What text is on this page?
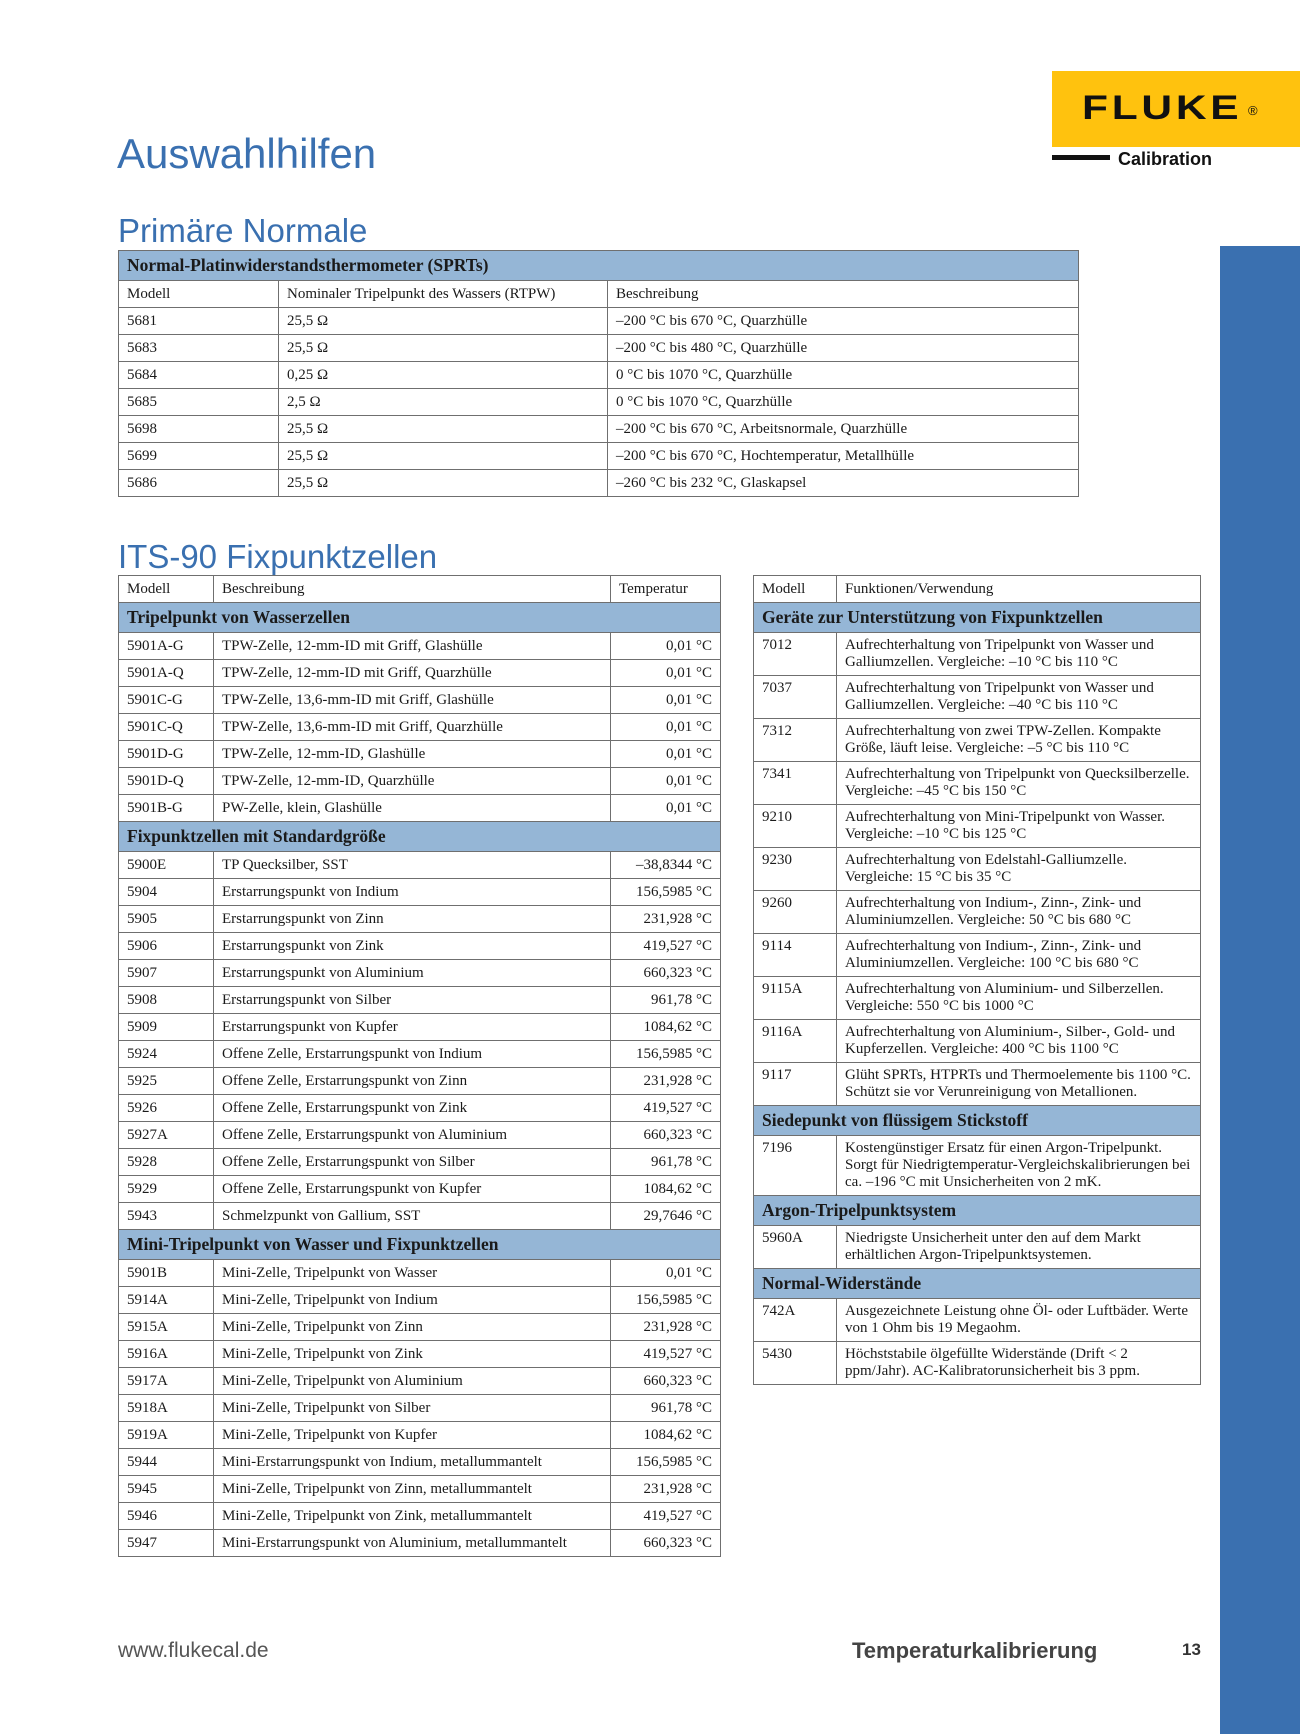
FLUKE ®
Calibration
Auswahlhilfen
Primäre Normale
Normal-Platinwiderstandsthermometer (SPRTs)		
Modell	Nominaler Tripelpunkt des Wassers (RTPW)	Beschreibung
5681	25,5 Ω	–200 °C bis 670 °C, Quarzhülle
5683	25,5 Ω	–200 °C bis 480 °C, Quarzhülle
5684	0,25 Ω	0 °C bis 1070 °C, Quarzhülle
5685	2,5 Ω	0 °C bis 1070 °C, Quarzhülle
5698	25,5 Ω	–200 °C bis 670 °C, Arbeitsnormale, Quarzhülle
5699	25,5 Ω	–200 °C bis 670 °C, Hochtemperatur, Metallhülle
5686	25,5 Ω	–260 °C bis 232 °C, Glaskapsel
ITS-90 Fixpunktzellen
Modell	Beschreibung	Temperatur
Tripelpunkt von Wasserzellen		
5901A-G	TPW-Zelle, 12-mm-ID mit Griff, Glashülle	0,01 °C
5901A-Q	TPW-Zelle, 12-mm-ID mit Griff, Quarzhülle	0,01 °C
5901C-G	TPW-Zelle, 13,6-mm-ID mit Griff, Glashülle	0,01 °C
5901C-Q	TPW-Zelle, 13,6-mm-ID mit Griff, Quarzhülle	0,01 °C
5901D-G	TPW-Zelle, 12-mm-ID, Glashülle	0,01 °C
5901D-Q	TPW-Zelle, 12-mm-ID, Quarzhülle	0,01 °C
5901B-G	PW-Zelle, klein, Glashülle	0,01 °C
Fixpunktzellen mit Standardgröße		
5900E	TP Quecksilber, SST	–38,8344 °C
5904	Erstarrungspunkt von Indium	156,5985 °C
5905	Erstarrungspunkt von Zinn	231,928 °C
5906	Erstarrungspunkt von Zink	419,527 °C
5907	Erstarrungspunkt von Aluminium	660,323 °C
5908	Erstarrungspunkt von Silber	961,78 °C
5909	Erstarrungspunkt von Kupfer	1084,62 °C
5924	Offene Zelle, Erstarrungspunkt von Indium	156,5985 °C
5925	Offene Zelle, Erstarrungspunkt von Zinn	231,928 °C
5926	Offene Zelle, Erstarrungspunkt von Zink	419,527 °C
5927A	Offene Zelle, Erstarrungspunkt von Aluminium	660,323 °C
5928	Offene Zelle, Erstarrungspunkt von Silber	961,78 °C
5929	Offene Zelle, Erstarrungspunkt von Kupfer	1084,62 °C
5943	Schmelzpunkt von Gallium, SST	29,7646 °C
Mini-Tripelpunkt von Wasser und Fixpunktzellen		
5901B	Mini-Zelle, Tripelpunkt von Wasser	0,01 °C
5914A	Mini-Zelle, Tripelpunkt von Indium	156,5985 °C
5915A	Mini-Zelle, Tripelpunkt von Zinn	231,928 °C
5916A	Mini-Zelle, Tripelpunkt von Zink	419,527 °C
5917A	Mini-Zelle, Tripelpunkt von Aluminium	660,323 °C
5918A	Mini-Zelle, Tripelpunkt von Silber	961,78 °C
5919A	Mini-Zelle, Tripelpunkt von Kupfer	1084,62 °C
5944	Mini-Erstarrungspunkt von Indium, metallummantelt	156,5985 °C
5945	Mini-Zelle, Tripelpunkt von Zinn, metallummantelt	231,928 °C
5946	Mini-Zelle, Tripelpunkt von Zink, metallummantelt	419,527 °C
5947	Mini-Erstarrungspunkt von Aluminium, metallummantelt	660,323 °C
Modell	Funktionen/Verwendung
Geräte zur Unterstützung von Fixpunktzellen	
7012	Aufrechterhaltung von Tripelpunkt von Wasser und Galliumzellen. Vergleiche: –10 °C bis 110 °C
7037	Aufrechterhaltung von Tripelpunkt von Wasser und Galliumzellen. Vergleiche: –40 °C bis 110 °C
7312	Aufrechterhaltung von zwei TPW-Zellen. Kompakte Größe, läuft leise. Vergleiche: –5 °C bis 110 °C
7341	Aufrechterhaltung von Tripelpunkt von Quecksilberzelle. Vergleiche: –45 °C bis 150 °C
9210	Aufrechterhaltung von Mini-Tripelpunkt von Wasser. Vergleiche: –10 °C bis 125 °C
9230	Aufrechterhaltung von Edelstahl-Galliumzelle. Vergleiche: 15 °C bis 35 °C
9260	Aufrechterhaltung von Indium-, Zinn-, Zink- und Aluminiumzellen. Vergleiche: 50 °C bis 680 °C
9114	Aufrechterhaltung von Indium-, Zinn-, Zink- und Aluminiumzellen. Vergleiche: 100 °C bis 680 °C
9115A	Aufrechterhaltung von Aluminium- und Silberzellen. Vergleiche: 550 °C bis 1000 °C
9116A	Aufrechterhaltung von Aluminium-, Silber-, Gold- und Kupferzellen. Vergleiche: 400 °C bis 1100 °C
9117	Glüht SPRTs, HTPRTs und Thermoelemente bis 1100 °C. Schützt sie vor Verunreinigung von Metallionen.
Siedepunkt von flüssigem Stickstoff	
7196	Kostengünstiger Ersatz für einen Argon-Tripelpunkt. Sorgt für Niedrigtemperatur-Vergleichskalibrierungen bei ca. –196 °C mit Unsicherheiten von 2 mK.
Argon-Tripelpunktsystem	
5960A	Niedrigste Unsicherheit unter den auf dem Markt erhältlichen Argon-Tripelpunktsystemen.
Normal-Widerstände	
742A	Ausgezeichnete Leistung ohne Öl- oder Luftbäder. Werte von 1 Ohm bis 19 Megaohm.
5430	Höchststabile ölgefüllte Widerstände (Drift < 2 ppm/Jahr). AC-Kalibratorunsicherheit bis 3 ppm.
www.flukecal.de	Temperaturkalibrierung	13
